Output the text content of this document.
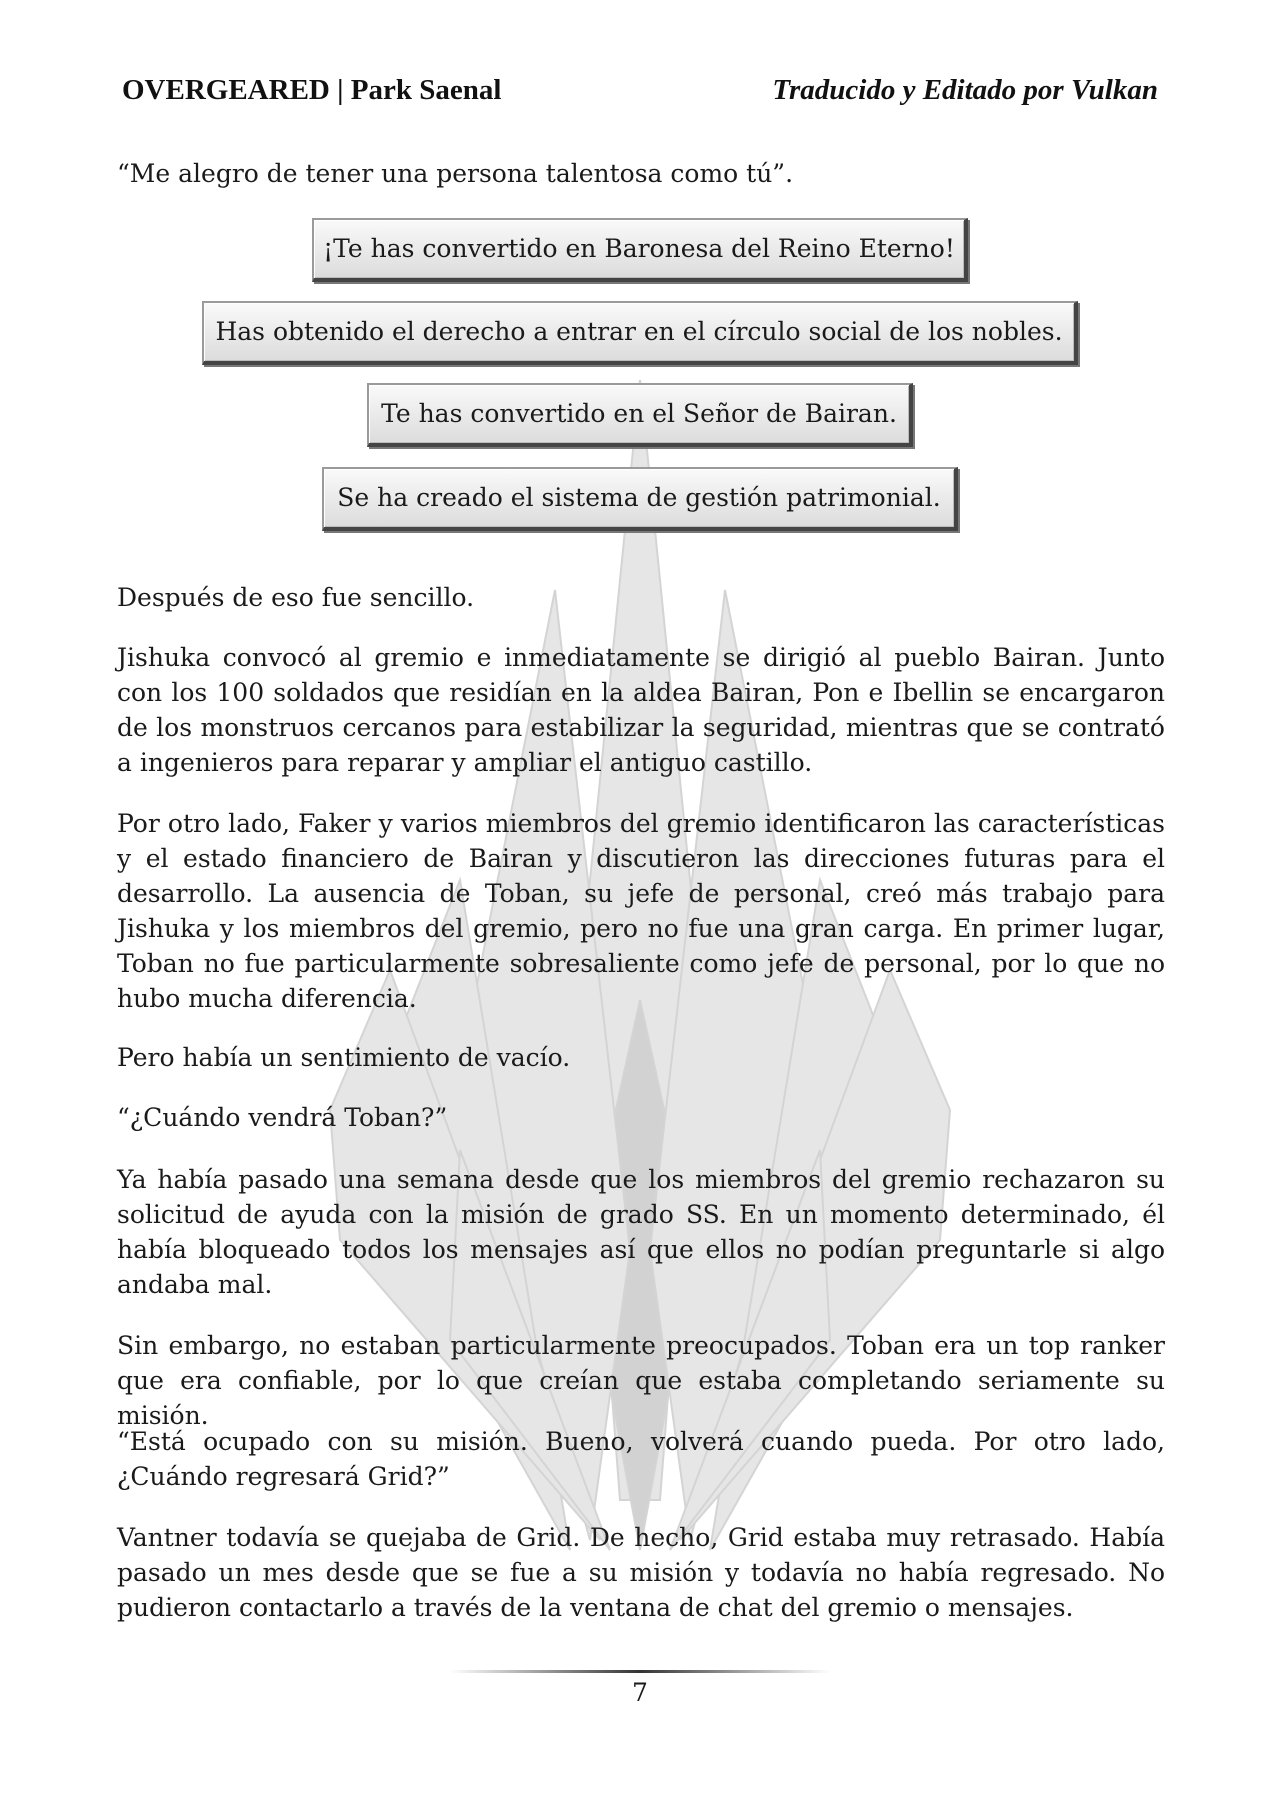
OVERGEARED | Park Saenal	Traducido y Editado por Vulkan

“Me alegro de tener una persona talentosa como tú”.

¡Te has convertido en Baronesa del Reino Eterno!
Has obtenido el derecho a entrar en el círculo social de los nobles.
Te has convertido en el Señor de Bairan.
Se ha creado el sistema de gestión patrimonial.

Después de eso fue sencillo.

Jishuka convocó al gremio e inmediatamente se dirigió al pueblo Bairan. Junto con los 100 soldados que residían en la aldea Bairan, Pon e Ibellin se encargaron de los monstruos cercanos para estabilizar la seguridad, mientras que se contrató a ingenieros para reparar y ampliar el antiguo castillo.

Por otro lado, Faker y varios miembros del gremio identificaron las características y el estado financiero de Bairan y discutieron las direcciones futuras para el desarrollo. La ausencia de Toban, su jefe de personal, creó más trabajo para Jishuka y los miembros del gremio, pero no fue una gran carga. En primer lugar, Toban no fue particularmente sobresaliente como jefe de personal, por lo que no hubo mucha diferencia.

Pero había un sentimiento de vacío.

“¿Cuándo vendrá Toban?”

Ya había pasado una semana desde que los miembros del gremio rechazaron su solicitud de ayuda con la misión de grado SS. En un momento determinado, él había bloqueado todos los mensajes así que ellos no podían preguntarle si algo andaba mal.

Sin embargo, no estaban particularmente preocupados. Toban era un top ranker que era confiable, por lo que creían que estaba completando seriamente su misión.

“Está ocupado con su misión. Bueno, volverá cuando pueda. Por otro lado, ¿Cuándo regresará Grid?”

Vantner todavía se quejaba de Grid. De hecho, Grid estaba muy retrasado. Había pasado un mes desde que se fue a su misión y todavía no había regresado. No pudieron contactarlo a través de la ventana de chat del gremio o mensajes.

7
